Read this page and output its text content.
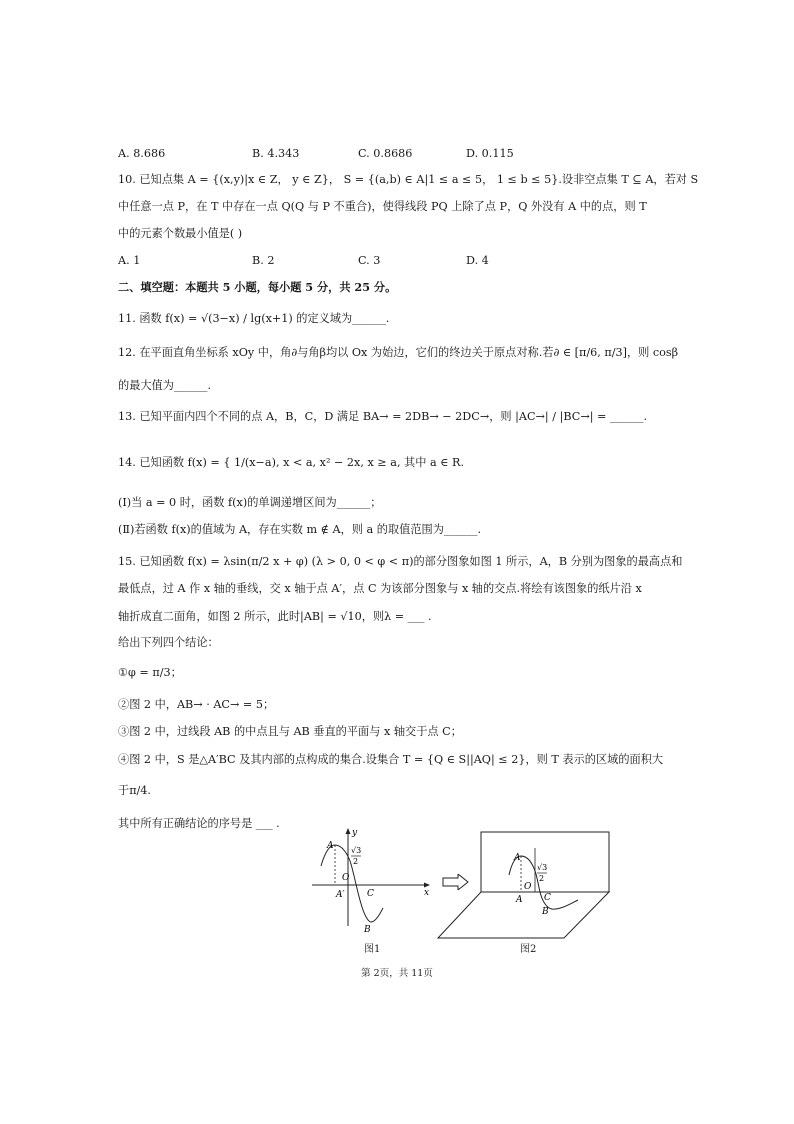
A. 8.686	B. 4.343	C. 0.8686	D. 0.115
10. 已知点集 A = {(x,y)|x ∈ Z， y ∈ Z}， S = {(a,b) ∈ A|1 ≤ a ≤ 5， 1 ≤ b ≤ 5}.设非空点集 T ⊆ A，若对 S
中任意一点 P，在 T 中存在一点 Q(Q 与 P 不重合)，使得线段 PQ 上除了点 P，Q 外没有 A 中的点，则 T
中的元素个数最小值是( )
A. 1	B. 2	C. 3	D. 4
二、填空题：本题共 5 小题，每小题 5 分，共 25 分。
11. 函数 f(x) = √(3−x) / lg(x+1) 的定义域为______.
12. 在平面直角坐标系 xOy 中，角∂与角β均以 Ox 为始边，它们的终边关于原点对称.若∂ ∈ [π/6, π/3]，则 cosβ
的最大值为______.
13. 已知平面内四个不同的点 A，B，C，D 满足 BA→ = 2DB→ − 2DC→，则 |AC→| / |BC→| = ______.
14. 已知函数 f(x) = { 1/(x−a), x < a, x² − 2x, x ≥ a, 其中 a ∈ R.
(Ⅰ)当 a = 0 时，函数 f(x)的单调递增区间为______；
(Ⅱ)若函数 f(x)的值域为 A，存在实数 m ∉ A，则 a 的取值范围为______.
15. 已知函数 f(x) = λsin(π/2 x + φ) (λ > 0, 0 < φ < π)的部分图象如图 1 所示，A，B 分别为图象的最高点和
最低点，过 A 作 x 轴的垂线，交 x 轴于点 A′，点 C 为该部分图象与 x 轴的交点.将绘有该图象的纸片沿 x
轴折成直二面角，如图 2 所示，此时|AB| = √10，则λ = ___ .
给出下列四个结论：
①φ = π/3；
②图 2 中，AB→ · AC→ = 5；
③图 2 中，过线段 AB 的中点且与 AB 垂直的平面与 x 轴交于点 C；
④图 2 中，S 是△A′BC 及其内部的点构成的集合.设集合 T = {Q ∈ S||AQ| ≤ 2}，则 T 表示的区域的面积大
于π/4.
其中所有正确结论的序号是 ___ .
y
A √3
2
O
A′ C
B
x
图1
A
√3
2
O
A C
B
图2
第 2页，共 11页
